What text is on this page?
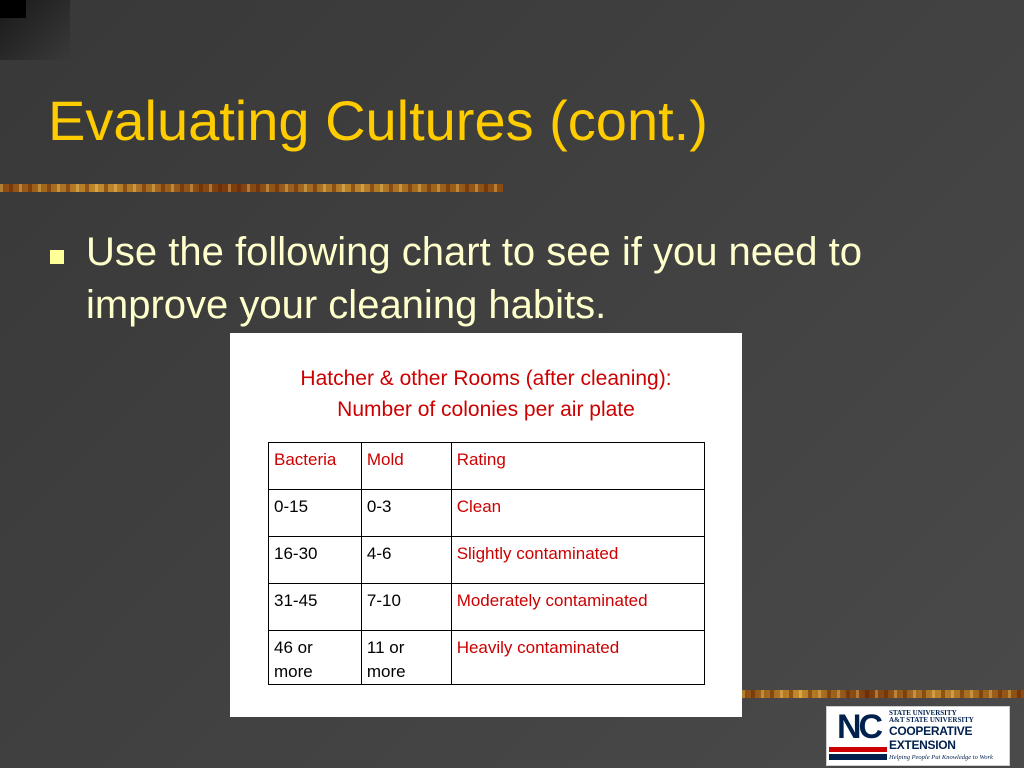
Evaluating Cultures (cont.)
Use the following chart to see if you need to improve your cleaning habits.
Hatcher & other Rooms (after cleaning):
Number of colonies per air plate
Bacteria	Mold	Rating
0-15	0-3	Clean
16-30	4-6	Slightly contaminated
31-45	7-10	Moderately contaminated
46 or more	11 or more	Heavily contaminated
NC STATE UNIVERSITY
A&T STATE UNIVERSITY
COOPERATIVE
EXTENSION
Helping People Put Knowledge to Work
